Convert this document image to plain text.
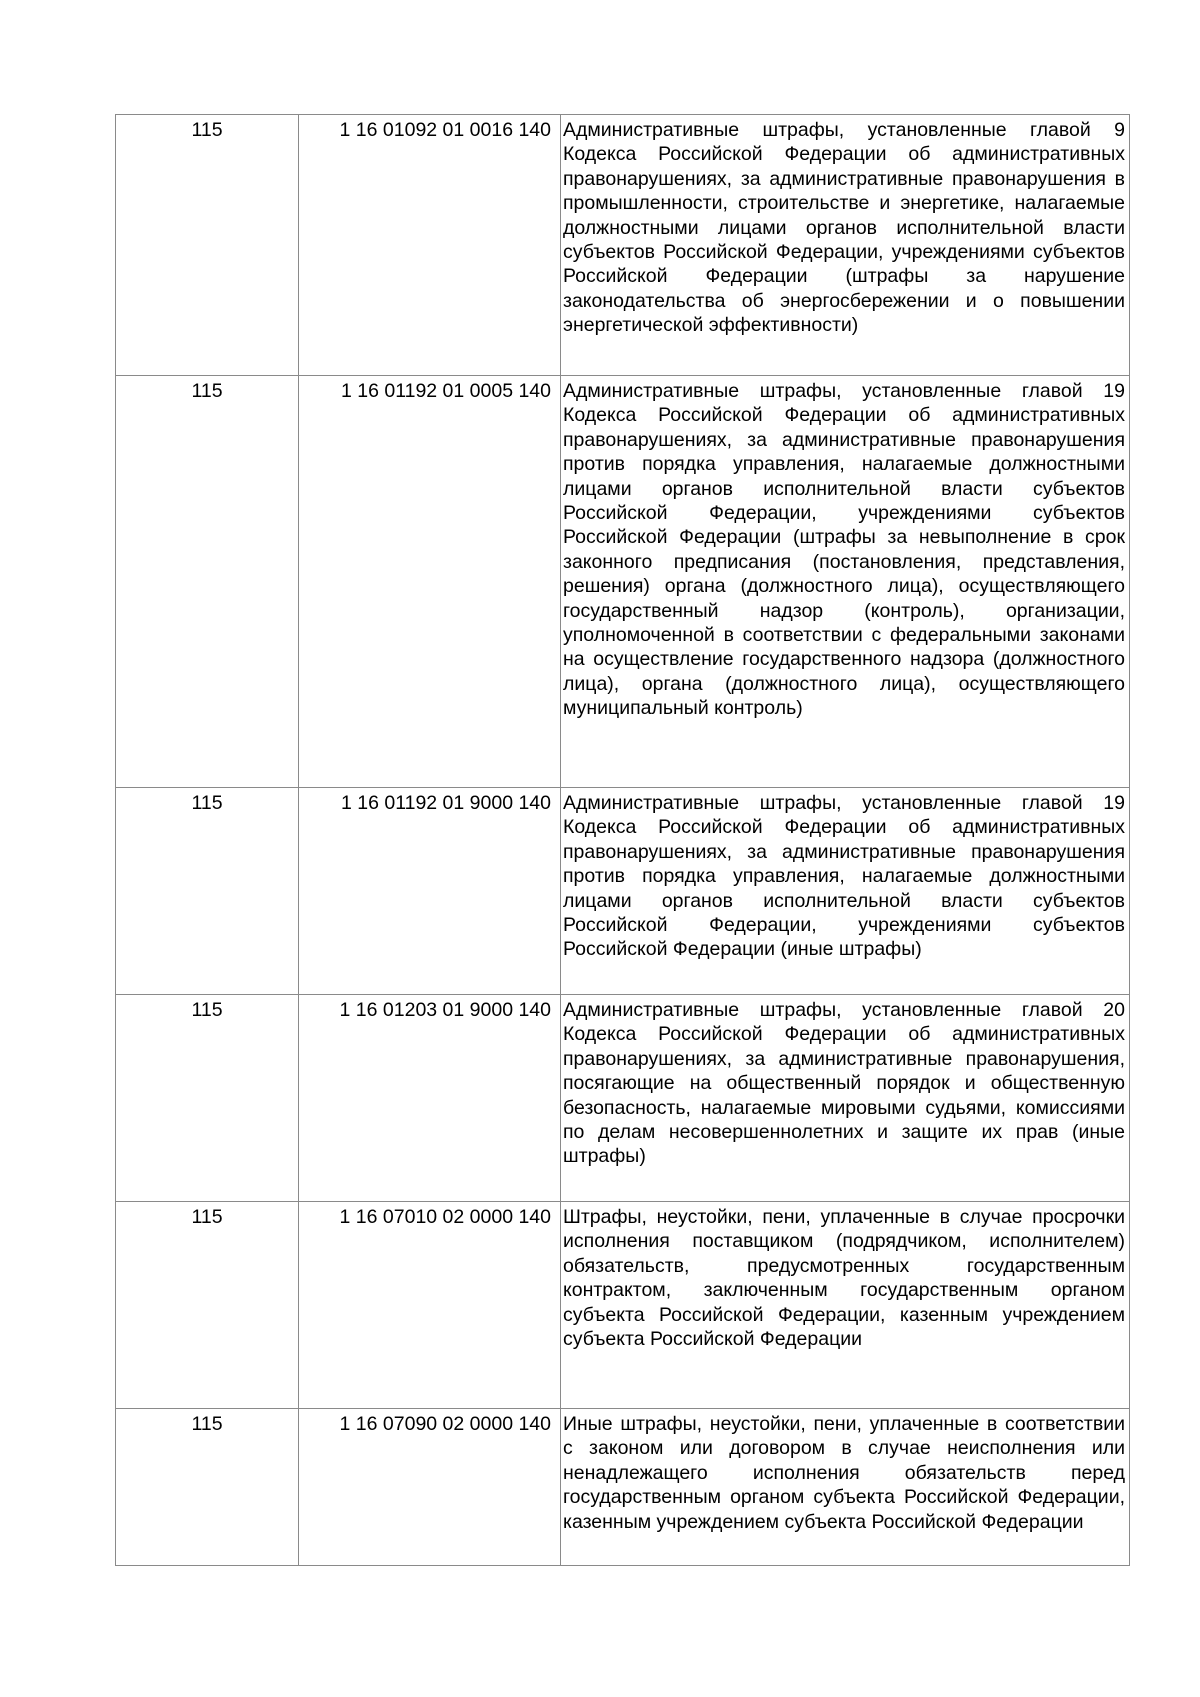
115	1 16 01092 01 0016 140	Административные штрафы, установленные главой 9 Кодекса Российской Федерации об административных правонарушениях, за административные правонарушения в промышленности, строительстве и энергетике, налагаемые должностными лицами органов исполнительной власти субъектов Российской Федерации, учреждениями субъектов Российской Федерации (штрафы за нарушение законодательства об энергосбережении и о повышении энергетической эффективности)
115	1 16 01192 01 0005 140	Административные штрафы, установленные главой 19 Кодекса Российской Федерации об административных правонарушениях, за административные правонарушения против порядка управления, налагаемые должностными лицами органов исполнительной власти субъектов Российской Федерации, учреждениями субъектов Российской Федерации (штрафы за невыполнение в срок законного предписания (постановления, представления, решения) органа (должностного лица), осуществляющего государственный надзор (контроль), организации, уполномоченной в соответствии с федеральными законами на осуществление государственного надзора (должностного лица), органа (должностного лица), осуществляющего муниципальный контроль)
115	1 16 01192 01 9000 140	Административные штрафы, установленные главой 19 Кодекса Российской Федерации об административных правонарушениях, за административные правонарушения против порядка управления, налагаемые должностными лицами органов исполнительной власти субъектов Российской Федерации, учреждениями субъектов Российской Федерации (иные штрафы)
115	1 16 01203 01 9000 140	Административные штрафы, установленные главой 20 Кодекса Российской Федерации об административных правонарушениях, за административные правонарушения, посягающие на общественный порядок и общественную безопасность, налагаемые мировыми судьями, комиссиями по делам несовершеннолетних и защите их прав (иные штрафы)
115	1 16 07010 02 0000 140	Штрафы, неустойки, пени, уплаченные в случае просрочки исполнения поставщиком (подрядчиком, исполнителем) обязательств, предусмотренных государственным контрактом, заключенным государственным органом субъекта Российской Федерации, казенным учреждением субъекта Российской Федерации
115	1 16 07090 02 0000 140	Иные штрафы, неустойки, пени, уплаченные в соответствии с законом или договором в случае неисполнения или ненадлежащего исполнения обязательств перед государственным органом субъекта Российской Федерации, казенным учреждением субъекта Российской Федерации
